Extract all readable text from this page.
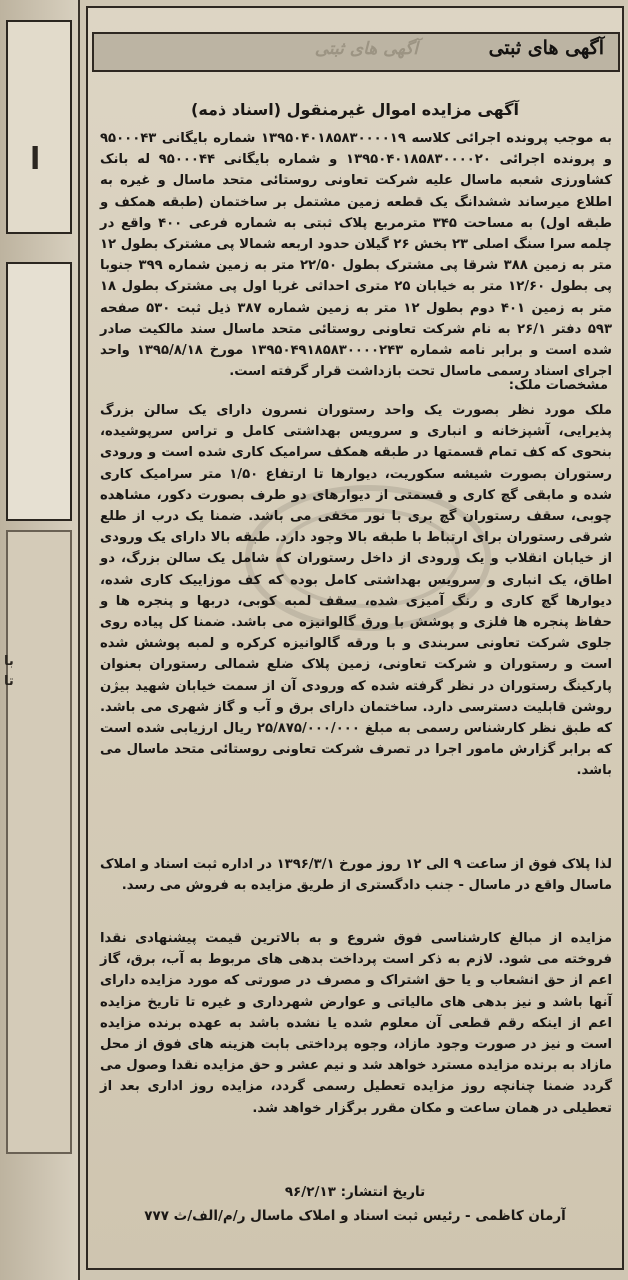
ا
با
تا
آگهی های ثبتی	آگهی های ثبتی
آگهی مزایده اموال غیرمنقول (اسناد ذمه)
به موجب پرونده اجرائی کلاسه ۱۳۹۵۰۴۰۱۸۵۸۳۰۰۰۰۱۹ شماره بایگانی ۹۵۰۰۰۴۳ و پرونده اجرائی ۱۳۹۵۰۴۰۱۸۵۸۳۰۰۰۰۲۰ و شماره بایگانی ۹۵۰۰۰۴۴ له بانک کشاورزی شعبه ماسال علیه شرکت تعاونی روستائی متحد ماسال و غیره به اطلاع میرساند ششدانگ یک قطعه زمین مشتمل بر ساختمان (طبقه همکف و طبقه اول) به مساحت ۳۴۵ مترمربع پلاک ثبتی به شماره فرعی ۴۰۰ واقع در چلمه سرا سنگ اصلی ۲۳ بخش ۲۶ گیلان حدود اربعه شمالا پی مشترک بطول ۱۲ متر به زمین ۳۸۸ شرقا پی مشترک بطول ۲۲/۵۰ متر به زمین شماره ۳۹۹ جنوبا پی بطول ۱۲/۶۰ متر به خیابان ۲۵ متری احداثی غربا اول پی مشترک بطول ۱۸ متر به زمین ۴۰۱ دوم بطول ۱۲ متر به زمین شماره ۳۸۷ ذیل ثبت ۵۳۰ صفحه ۵۹۳ دفتر ۲۶/۱ به نام شرکت تعاونی روستائی متحد ماسال سند مالکیت صادر شده است و برابر نامه شماره ۱۳۹۵۰۴۹۱۸۵۸۳۰۰۰۰۲۴۳ مورخ ۱۳۹۵/۸/۱۸ واحد اجرای اسناد رسمی ماسال تحت بازداشت قرار گرفته است.
مشخصات ملک:
ملک مورد نظر بصورت یک واحد رستوران نسرون دارای یک سالن بزرگ پذیرایی، آشپزخانه و انباری و سرویس بهداشتی کامل و تراس سرپوشیده، بنحوی که کف تمام قسمتها در طبقه همکف سرامیک کاری شده است و ورودی رستوران بصورت شیشه سکوریت، دیوارها تا ارتفاع ۱/۵۰ متر سرامیک کاری شده و مابقی گچ کاری و قسمتی از دیوارهای دو طرف بصورت دکور، مشاهده چوبی، سقف رستوران گچ بری با نور مخفی می باشد. ضمنا یک درب از طلع شرقی رستوران برای ارتباط با طبقه بالا وجود دارد. طبقه بالا دارای یک ورودی از خیابان انقلاب و یک ورودی از داخل رستوران که شامل یک سالن بزرگ، دو اطاق، یک انباری و سرویس بهداشتی کامل بوده که کف موزاییک کاری شده، دیوارها گچ کاری و رنگ آمیزی شده، سقف لمبه کوبی، دربها و پنجره ها و حفاظ پنجره ها فلزی و پوشش با ورق گالوانیزه می باشد. ضمنا کل پیاده روی جلوی شرکت تعاونی سربندی و با ورقه گالوانیزه کرکره و لمبه پوشش شده است و رستوران و شرکت تعاونی، زمین پلاک ضلع شمالی رستوران بعنوان پارکینگ رستوران در نظر گرفته شده که ورودی آن از سمت خیابان شهید بیژن روشن قابلیت دسترسی دارد. ساختمان دارای برق و آب و گاز شهری می باشد. که طبق نظر کارشناس رسمی به مبلغ ۲۵/۸۷۵/۰۰۰/۰۰۰ ریال ارزیابی شده است که برابر گزارش مامور اجرا در تصرف شرکت تعاونی روستائی متحد ماسال می باشد.
لذا پلاک فوق از ساعت ۹ الی ۱۲ روز مورخ ۱۳۹۶/۳/۱ در اداره ثبت اسناد و املاک ماسال واقع در ماسال - جنب دادگستری از طریق مزایده به فروش می رسد.
مزایده از مبالغ کارشناسی فوق شروع و به بالاترین قیمت پیشنهادی نقدا فروخته می شود. لازم به ذکر است پرداخت بدهی های مربوط به آب، برق، گاز اعم از حق انشعاب و یا حق اشتراک و مصرف در صورتی که مورد مزایده دارای آنها باشد و نیز بدهی های مالیاتی و عوارض شهرداری و غیره تا تاریخ مزایده اعم از اینکه رقم قطعی آن معلوم شده یا نشده باشد به عهده برنده مزایده است و نیز در صورت وجود مازاد، وجوه پرداختی بابت هزینه های فوق از محل مازاد به برنده مزایده مسترد خواهد شد و نیم عشر و حق مزایده نقدا وصول می گردد ضمنا چنانچه روز مزایده تعطیل رسمی گردد، مزایده روز اداری بعد از تعطیلی در همان ساعت و مکان مقرر برگزار خواهد شد.
تاریخ انتشار: ۹۶/۲/۱۳
آرمان کاظمی - رئیس ثبت اسناد و املاک ماسال ر/م/الف/ث ۷۷۷
